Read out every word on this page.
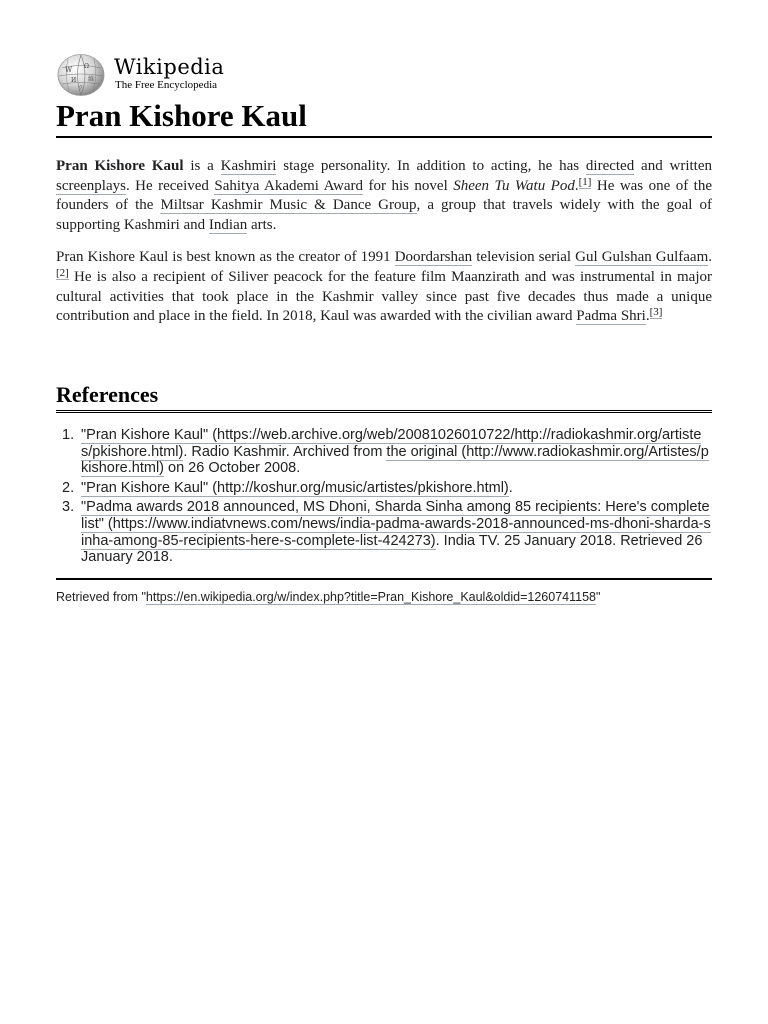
W Ω
И 維
ウ
Wikipedia
The Free Encyclopedia
Pran Kishore Kaul

Pran Kishore Kaul is a Kashmiri stage personality. In addition to acting, he has directed and written screenplays. He received Sahitya Akademi Award for his novel Sheen Tu Watu Pod.[1] He was one of the founders of the Miltsar Kashmir Music & Dance Group, a group that travels widely with the goal of supporting Kashmiri and Indian arts.

Pran Kishore Kaul is best known as the creator of 1991 Doordarshan television serial Gul Gulshan Gulfaam.[2] He is also a recipient of Siliver peacock for the feature film Maanzirath and was instrumental in major cultural activities that took place in the Kashmir valley since past five decades thus made a unique contribution and place in the field. In 2018, Kaul was awarded with the civilian award Padma Shri.[3]

References
1. "Pran Kishore Kaul" (https://web.archive.org/web/20081026010722/http://radiokashmir.org/artistes/pkishore.html). Radio Kashmir. Archived from the original (http://www.radiokashmir.org/Artistes/pkishore.html) on 26 October 2008.
2. "Pran Kishore Kaul" (http://koshur.org/music/artistes/pkishore.html).
3. "Padma awards 2018 announced, MS Dhoni, Sharda Sinha among 85 recipients: Here's complete list" (https://www.indiatvnews.com/news/india-padma-awards-2018-announced-ms-dhoni-sharda-sinha-among-85-recipients-here-s-complete-list-424273). India TV. 25 January 2018. Retrieved 26 January 2018.
Retrieved from "https://en.wikipedia.org/w/index.php?title=Pran_Kishore_Kaul&oldid=1260741158"
